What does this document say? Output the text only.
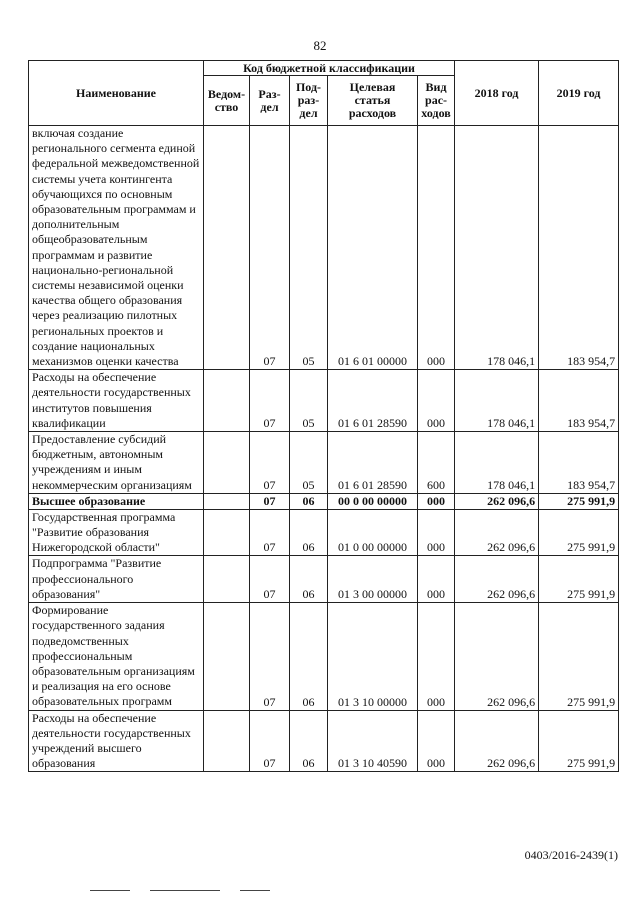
82
Наименование	Код бюджетной классификации					2018 год	2019 год
	Ведом-ство	Раз-дел	Под-раз-дел	Целевая статья расходов	Вид рас-ходов		
включая создание регионального сегмента единой федеральной межведомственной системы учета контингента обучающихся по основным образовательным программам и дополнительным общеобразовательным программам и развитие национально-региональной системы независимой оценки качества общего образования через реализацию пилотных региональных проектов и создание национальных механизмов оценки качества		07	05	01 6 01 00000	000	178 046,1	183 954,7
Расходы на обеспечение деятельности государственных институтов повышения квалификации		07	05	01 6 01 28590	000	178 046,1	183 954,7
Предоставление субсидий бюджетным, автономным учреждениям и иным некоммерческим организациям		07	05	01 6 01 28590	600	178 046,1	183 954,7
Высшее образование		07	06	00 0 00 00000	000	262 096,6	275 991,9
Государственная программа "Развитие образования Нижегородской области"		07	06	01 0 00 00000	000	262 096,6	275 991,9
Подпрограмма "Развитие профессионального образования"		07	06	01 3 00 00000	000	262 096,6	275 991,9
Формирование государственного задания подведомственных профессиональным образовательным организациям и реализация на его основе образовательных программ		07	06	01 3 10 00000	000	262 096,6	275 991,9
Расходы на обеспечение деятельности государственных учреждений высшего образования		07	06	01 3 10 40590	000	262 096,6	275 991,9
0403/2016-2439(1)
